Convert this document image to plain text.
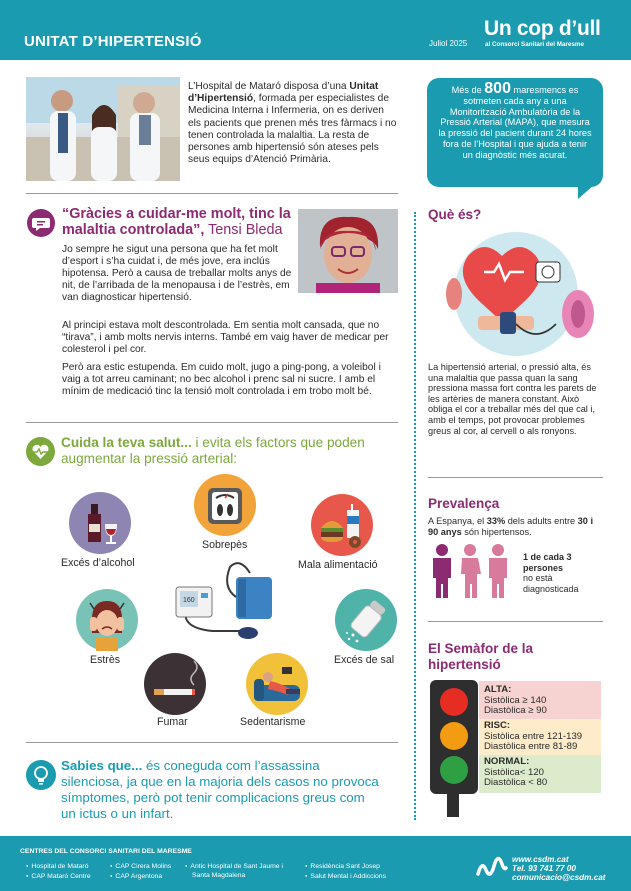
UNITAT D’HIPERTENSIÓ	Juliol 2025
Un cop d’ull
al Consorci Sanitari del Maresme
L’Hospital de Mataró disposa d’una Unitat d’Hipertensió, formada per especialistes de Medicina Interna i Infermeria, on es deriven els pacients que prenen més tres fàrmacs i no tenen controlada la malaltia. La resta de persones amb hipertensió són ateses pels seus equips d’Atenció Primària.
Més de 800 maresmencs es sotmeten cada any a una Monitorització Ambulatòria de la Pressió Arterial (MAPA), que mesura la pressió del pacient durant 24 hores fora de l’Hospital i que ajuda a tenir un diagnòstic més acurat.
“Gràcies a cuidar-me molt, tinc la malaltia controlada”, Tensi Bleda
Jo sempre he sigut una persona que ha fet molt d’esport i s’ha cuidat i, de més jove, era inclús hipotensa. Però a causa de treballar molts anys de nit, de l’arribada de la menopausa i de l’estrès, em van diagnosticar hipertensió.
Al principi estava molt descontrolada. Em sentia molt cansada, que no “tirava”, i amb molts nervis interns. També em vaig haver de medicar per colesterol i pel cor.
Però ara estic estupenda. Em cuido molt, jugo a ping-pong, a voleibol i vaig a tot arreu caminant; no bec alcohol i prenc sal ni sucre. I amb el mínim de medicació tinc la tensió molt controlada i em trobo molt bé.
Cuida la teva salut... i evita els factors que poden augmentar la pressió arterial:
Excés d’alcohol
Sobrepès
Mala alimentació
160
Estrès	Excés de sal
Fumar	Sedentarisme
Sabies que... és coneguda com l’assassina silenciosa, ja que en la majoria dels casos no provoca símptomes, però pot tenir complicacions greus com un ictus o un infart.
Què és?
La hipertensió arterial, o pressió alta, és una malaltia que passa quan la sang pressiona massa fort contra les parets de les artèries de manera constant. Això obliga el cor a treballar més del que cal i, amb el temps, pot provocar problemes greus al cor, al cervell o als ronyons.
Prevalença
A Espanya, el 33% dels adults entre 30 i 90 anys són hipertensos.
1 de cada 3 persones
no està diagnosticada
El Semàfor de la hipertensió
ALTA:
Sistòlica ≥ 140
Diastòlica ≥ 90
RISC:
Sistòlica entre 121-139
Diastòlica entre 81-89
NORMAL:
Sistòlica< 120
Diastòlica < 80
CENTRES DEL CONSORCI SANITARI DEL MARESME
● Hospital de Mataró
● CAP Mataró Centre
● CAP Cirera Molins
● CAP Argentona
● Antic Hospital de Sant Jaume i
Santa Magdalena
● Residència Sant Josep
● Salut Mental i Addiccions
www.csdm.cat
Tel. 93 741 77 00
comunicacio@csdm.cat
